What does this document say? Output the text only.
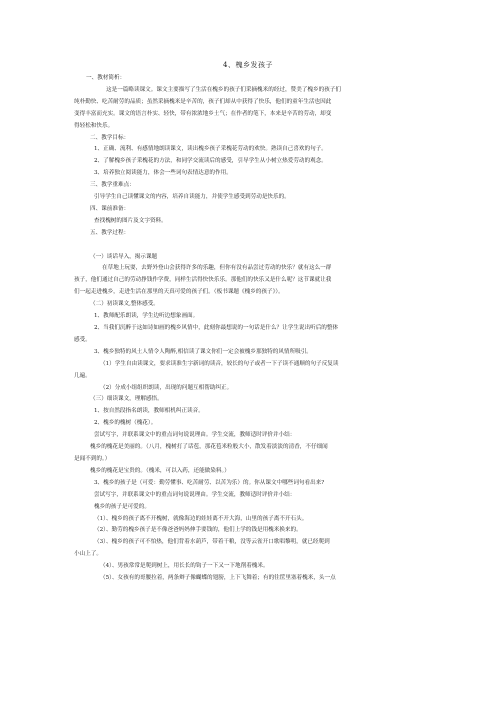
4、槐乡发孩子

一、教材简析：

这是一篇略读课文。课文主要描写了生活在槐乡的孩子们采摘槐米的经过，赞美了槐乡的孩子们

纯朴勤快、吃苦耐劳的品质；虽然采摘槐米是辛苦的，孩子们却从中获得了快乐，他们的童年生活也因此

变得丰富而充实。课文的语言朴实、轻快，带有浓浓地乡土气；在作者的笔下，本来是辛苦的劳动，却变

得轻松和快乐。

二、教学目标：

1、正确、流利、有感情地朗读课文，读出槐乡孩子采槐花劳动的欢快。熟读自己喜欢的句子。

2、了解槐乡孩子采槐花的方法，和同学交流读后的感受，引导学生从小树立热爱劳动的观念。

3、培养独立阅读能力，体会一些词句表情达意的作用。

三、教学重难点：

引导学生自己读懂课文的内容，培养自读能力，并使学生感受到劳动是快乐的。

四、课前准备：

查找槐树的图片及文字资料。

五、教学过程：

（一）谈话导入，揭示课题

在草地上玩耍，去野外登山会获得许多的乐趣，但你有没有品尝过劳动的快乐？就有这么一群

孩子，他们通过自己的劳动挣钱作学费，同样生活得快快乐乐。那他们的快乐又是什么呢？这节课就让我

们一起走进槐乡，走进生活在那里的天真可爱的孩子们。（板书课题《槐乡的孩子》）。

（二）初读课文,整体感受。

1、教师配乐朗读，学生边听边想象画面。

2、当我们沉醉于这如诗如画的槐乡风情中，此刻你最想说的一句话是什么？让学生说出听后的整体

感受。

3、槐乡独特的风土人情令人陶醉,相信读了课文你们一定会被槐乡那独特的风情所吸引。

（1）学生自由读课文，要求读准生字新词的读音，较长的句子或者一下子读不通顺的句子反复读

几遍。

（2）分成小组组织朗读，出现的问题互相帮助纠正。

（三）细读课文，理解感悟。

1、按自然段指名朗读，教师相机纠正读音。

2、槐乡的槐树（槐花）。

尝试写字，并联系课文中的重点词句说说理由。学生交流，教师适时评价并小结：

槐乡的槐花是美丽的。（八月，槐树打了话苞，那花苞米粒般大小，散发着淡淡的清香，不仔细闻

是闻不到的。）

槐乡的槐花是宝贵的。（槐米，可以入药，还能做染料。）

3、槐乡的孩子是（可爱：勤劳懂事、吃苦耐劳、以苦为乐）的。你从课文中哪些词句看出来?

尝试写字，并联系课文中的重点词句说说理由。学生交流，教师适时评价并小结：

槐乡的孩子是可爱的。

（1）、槐乡的孩子离不开槐树，就像海边的娃娃离不开大海，山里的孩子离不开石头。

（2）、勤劳的槐乡孩子是不像爸爸妈妈伸手要钱的，他们上学的钱是用槐米换来的。

（3）、槐乡的孩子可不怕热，他们背着水葫芦，带着干粮，没等云雀开口歌唱黎明，就已经爬到

小山上了。

（4）、男孩常常是爬到树上，用长长的钩子一下又一下地削着槐米。

（5）、女孩有的哥腰拉着，两条辫子像蝴蝶的翅膀，上下飞舞着；有的往筐里塞着槐米，头一点
